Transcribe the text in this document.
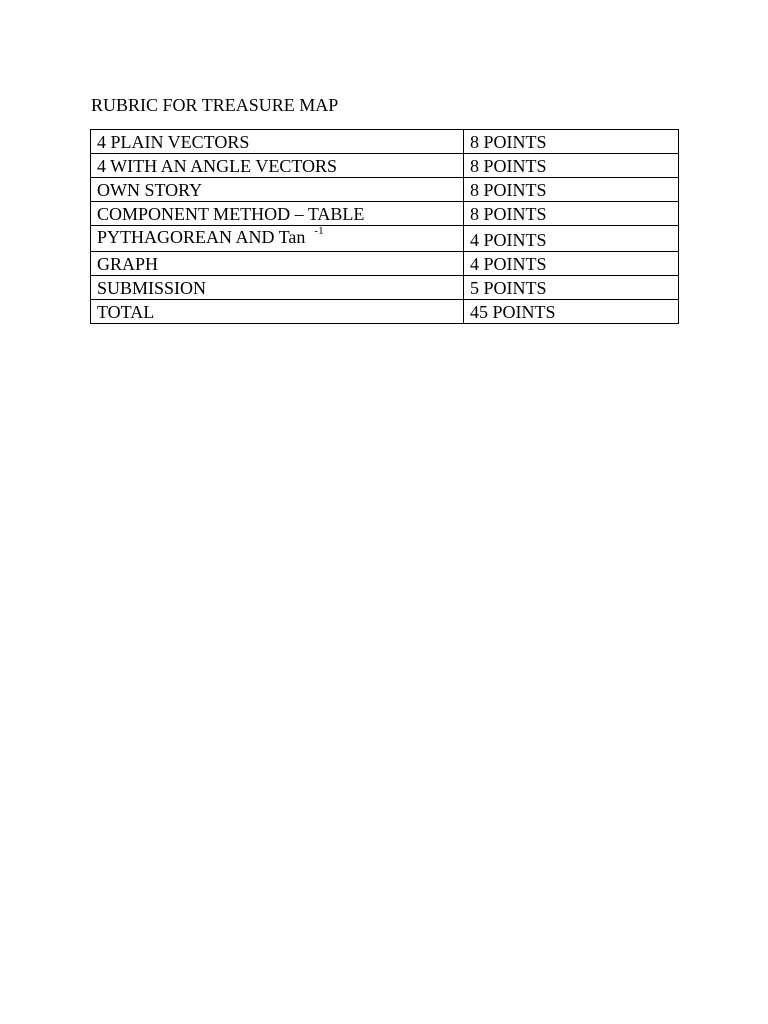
RUBRIC FOR TREASURE MAP
4 PLAIN VECTORS	8 POINTS
4 WITH AN ANGLE VECTORS	8 POINTS
OWN STORY	8 POINTS
COMPONENT METHOD – TABLE	8 POINTS
PYTHAGOREAN AND Tan $^{-1}$	4 POINTS
GRAPH	4 POINTS
SUBMISSION	5 POINTS
TOTAL	45 POINTS
